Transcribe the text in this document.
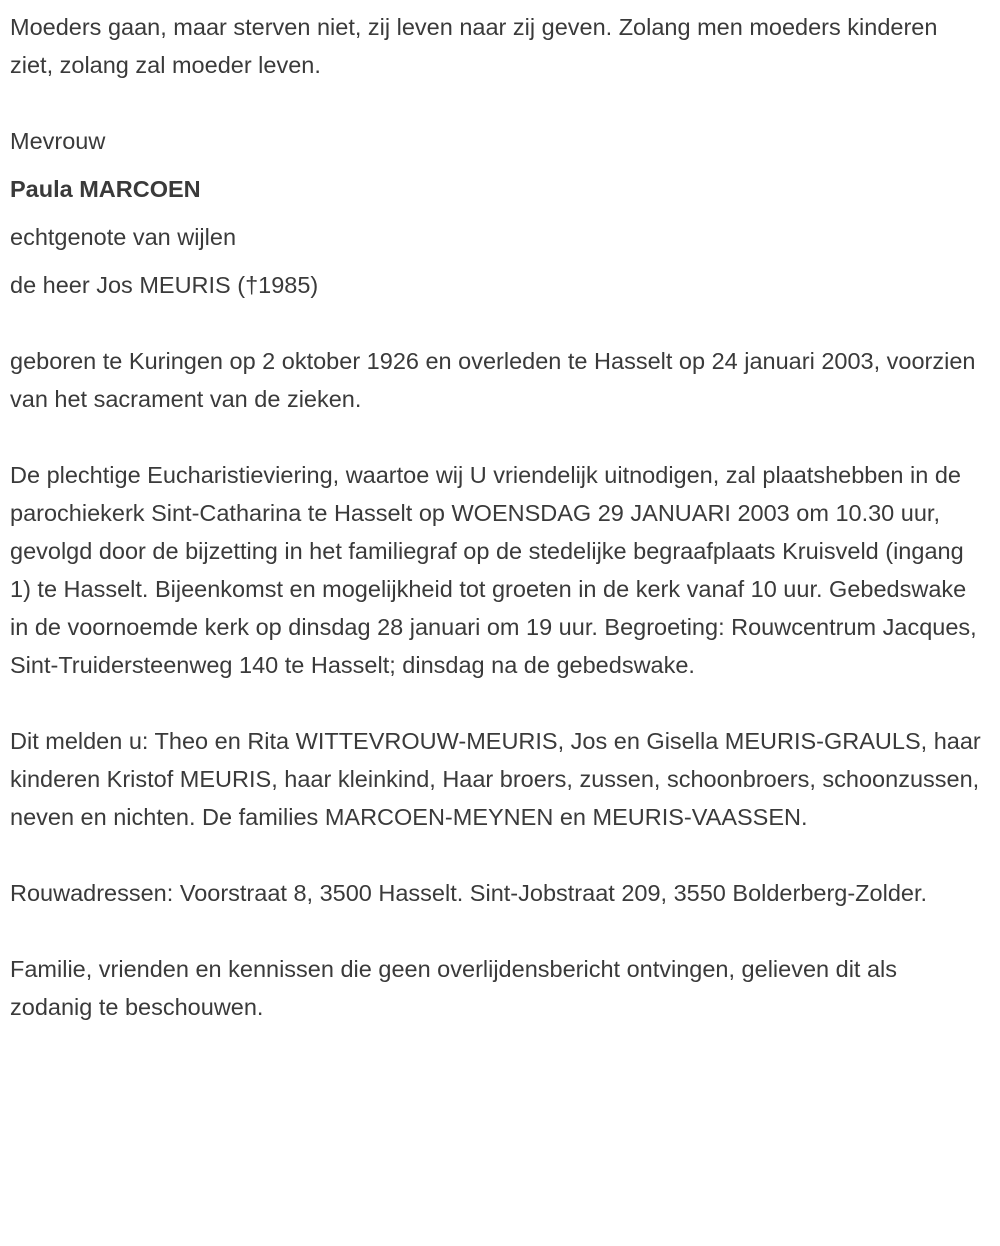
Moeders gaan, maar sterven niet, zij leven naar zij geven. Zolang men moeders kinderen ziet, zolang zal moeder leven.

Mevrouw

Paula MARCOEN

echtgenote van wijlen

de heer Jos MEURIS (†1985)

geboren te Kuringen op 2 oktober 1926 en overleden te Hasselt op 24 januari 2003, voorzien van het sacrament van de zieken.

De plechtige Eucharistieviering, waartoe wij U vriendelijk uitnodigen, zal plaatshebben in de parochiekerk Sint-Catharina te Hasselt op WOENSDAG 29 JANUARI 2003 om 10.30 uur, gevolgd door de bijzetting in het familiegraf op de stedelijke begraafplaats Kruisveld (ingang 1) te Hasselt. Bijeenkomst en mogelijkheid tot groeten in de kerk vanaf 10 uur. Gebedswake in de voornoemde kerk op dinsdag 28 januari om 19 uur. Begroeting: Rouwcentrum Jacques, Sint-Truidersteenweg 140 te Hasselt; dinsdag na de gebedswake.

Dit melden u: Theo en Rita WITTEVROUW-MEURIS, Jos en Gisella MEURIS-GRAULS, haar kinderen Kristof MEURIS, haar kleinkind, Haar broers, zussen, schoonbroers, schoonzussen, neven en nichten. De families MARCOEN-MEYNEN en MEURIS-VAASSEN.

Rouwadressen: Voorstraat 8, 3500 Hasselt. Sint-Jobstraat 209, 3550 Bolderberg-Zolder.

Familie, vrienden en kennissen die geen overlijdensbericht ontvingen, gelieven dit als zodanig te beschouwen.
